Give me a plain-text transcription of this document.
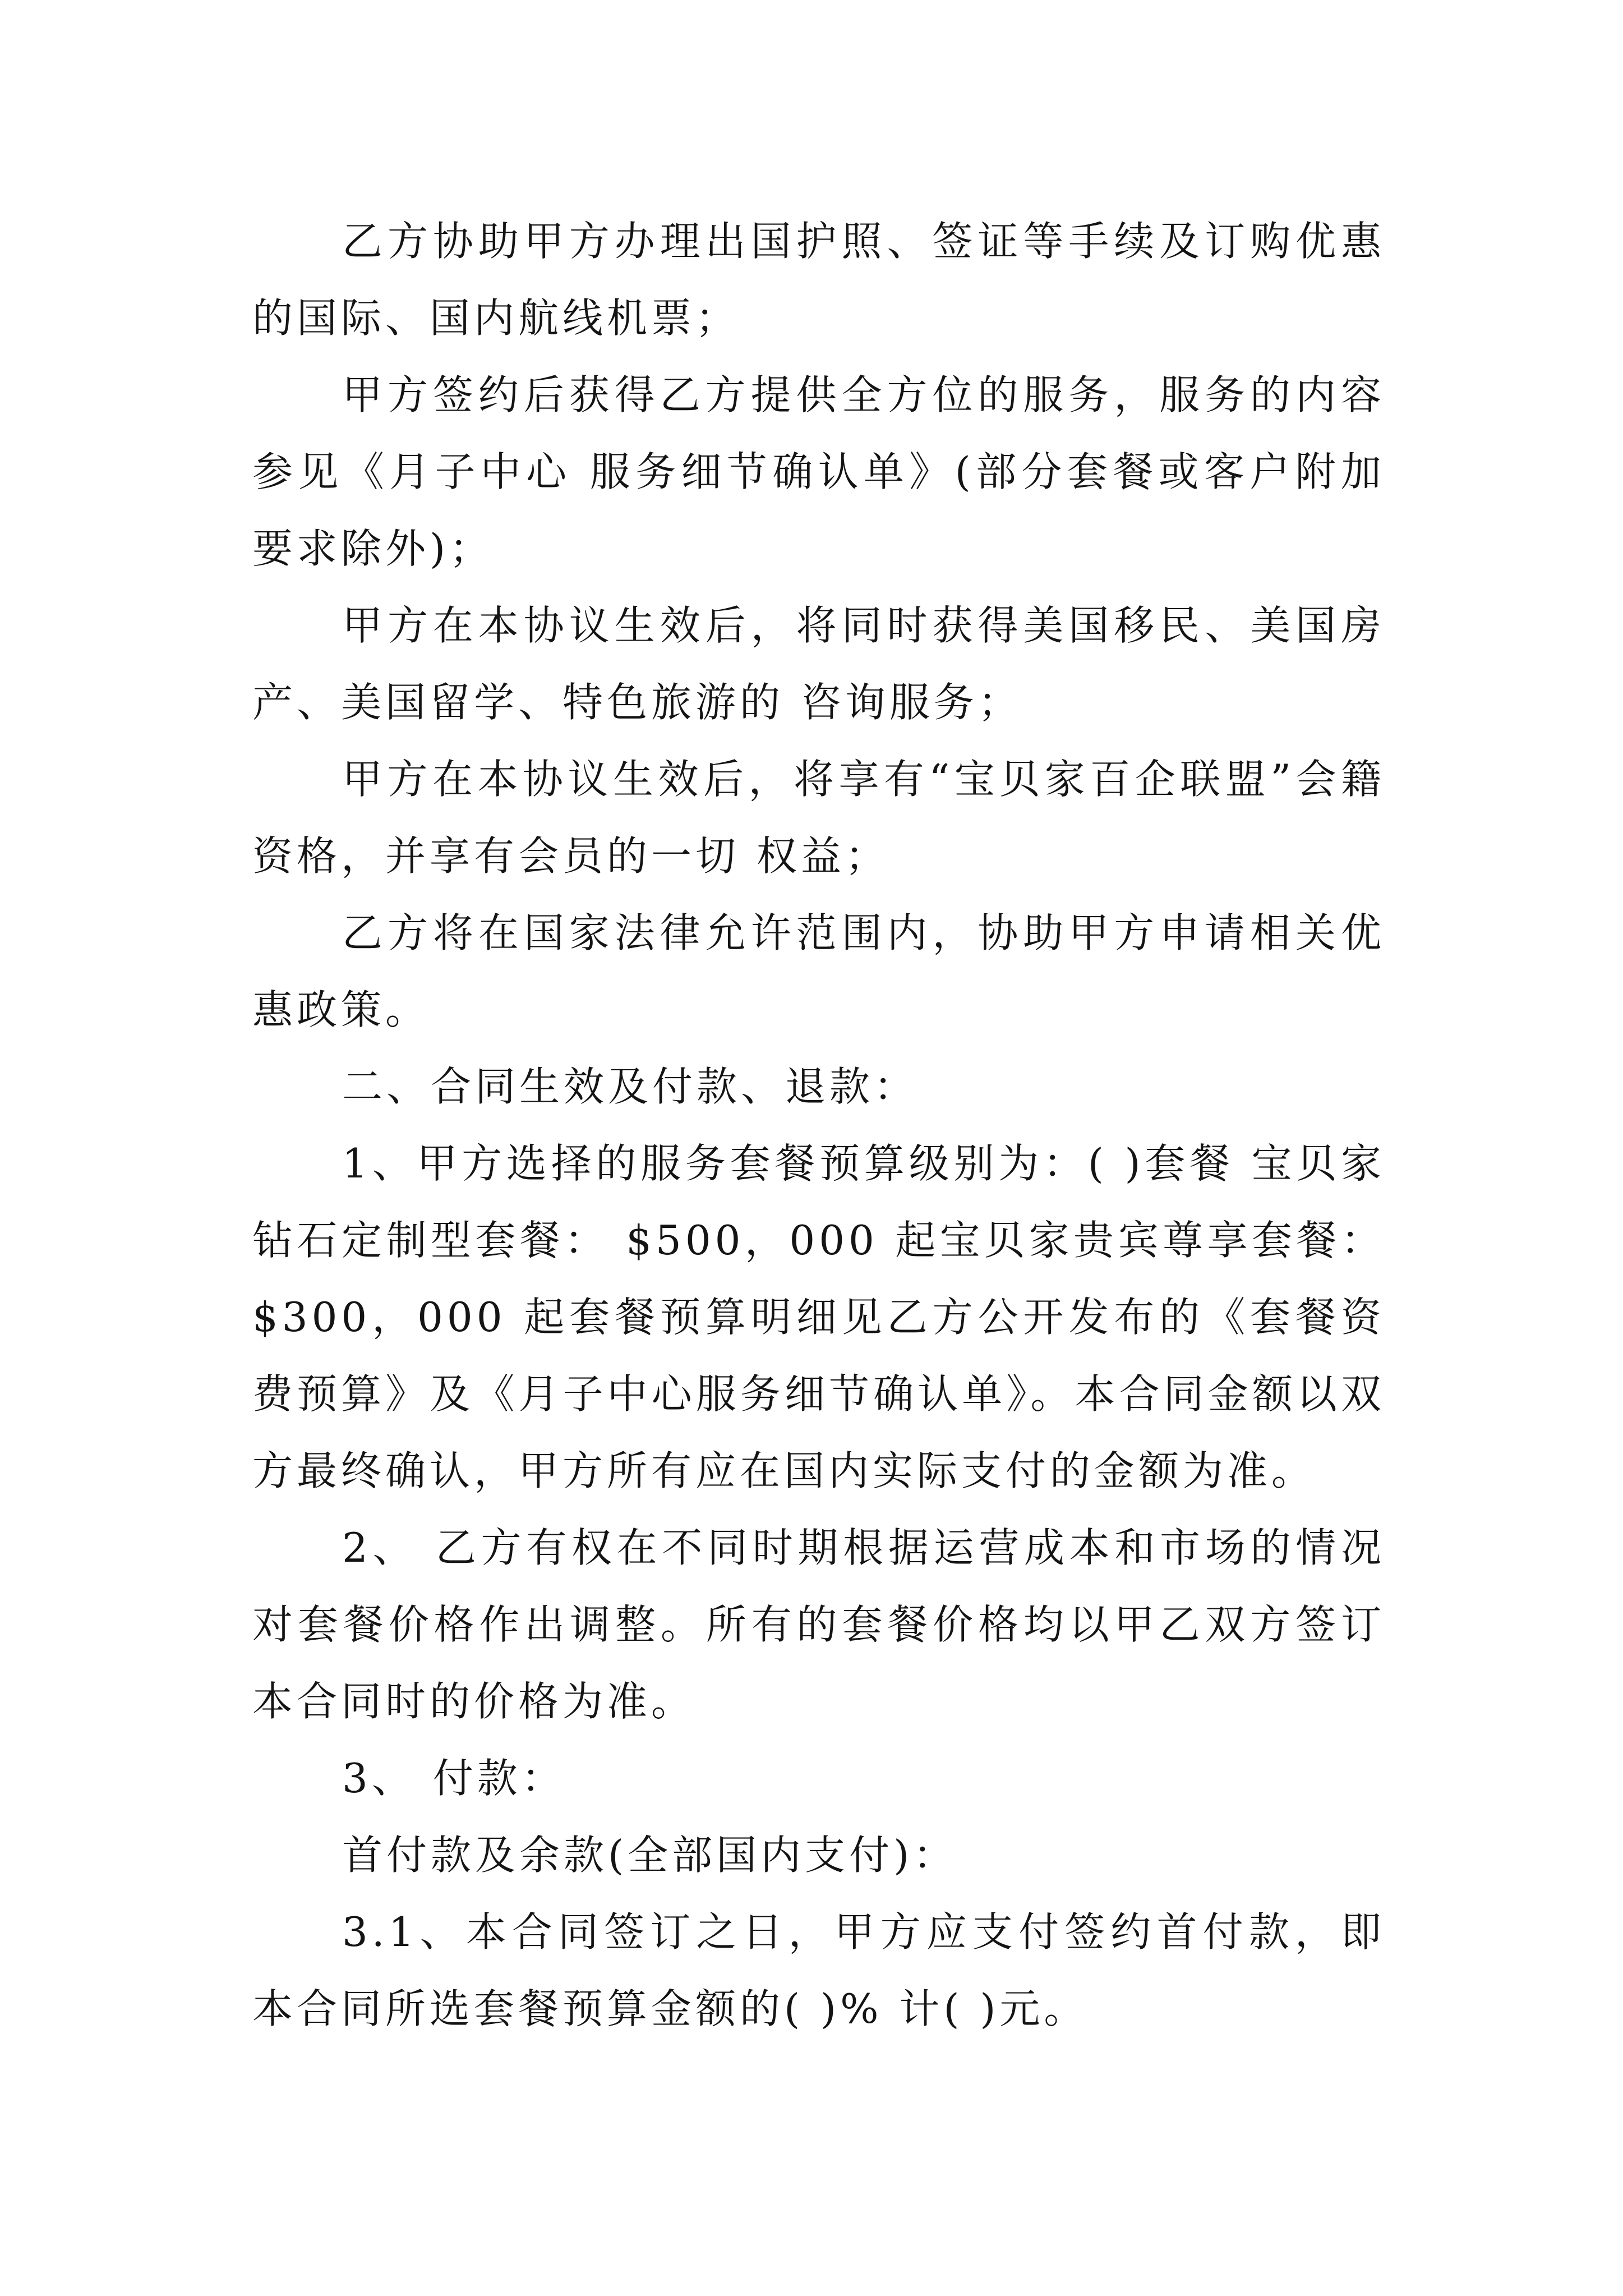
乙方协助甲方办理出国护照、签证等手续及订购优惠的国际、国内航线机票；

甲方签约后获得乙方提供全方位的服务，服务的内容参见《月子中心 服务细节确认单》(部分套餐或客户附加要求除外)；

甲方在本协议生效后，将同时获得美国移民、美国房产、美国留学、特色旅游的 咨询服务；

甲方在本协议生效后，将享有“宝贝家百企联盟”会籍资格，并享有会员的一切 权益；

乙方将在国家法律允许范围内，协助甲方申请相关优惠政策。

二、合同生效及付款、退款：

1、甲方选择的服务套餐预算级别为：( )套餐 宝贝家钻石定制型套餐： $500，000 起宝贝家贵宾尊享套餐：$300，000 起套餐预算明细见乙方公开发布的《套餐资费预算》及《月子中心服务细节确认单》。本合同金额以双方最终确认，甲方所有应在国内实际支付的金额为准。

2、 乙方有权在不同时期根据运营成本和市场的情况对套餐价格作出调整。所有的套餐价格均以甲乙双方签订本合同时的价格为准。

3、 付款：

首付款及余款(全部国内支付)：

3.1、本合同签订之日，甲方应支付签约首付款，即本合同所选套餐预算金额的( )% 计( )元。
